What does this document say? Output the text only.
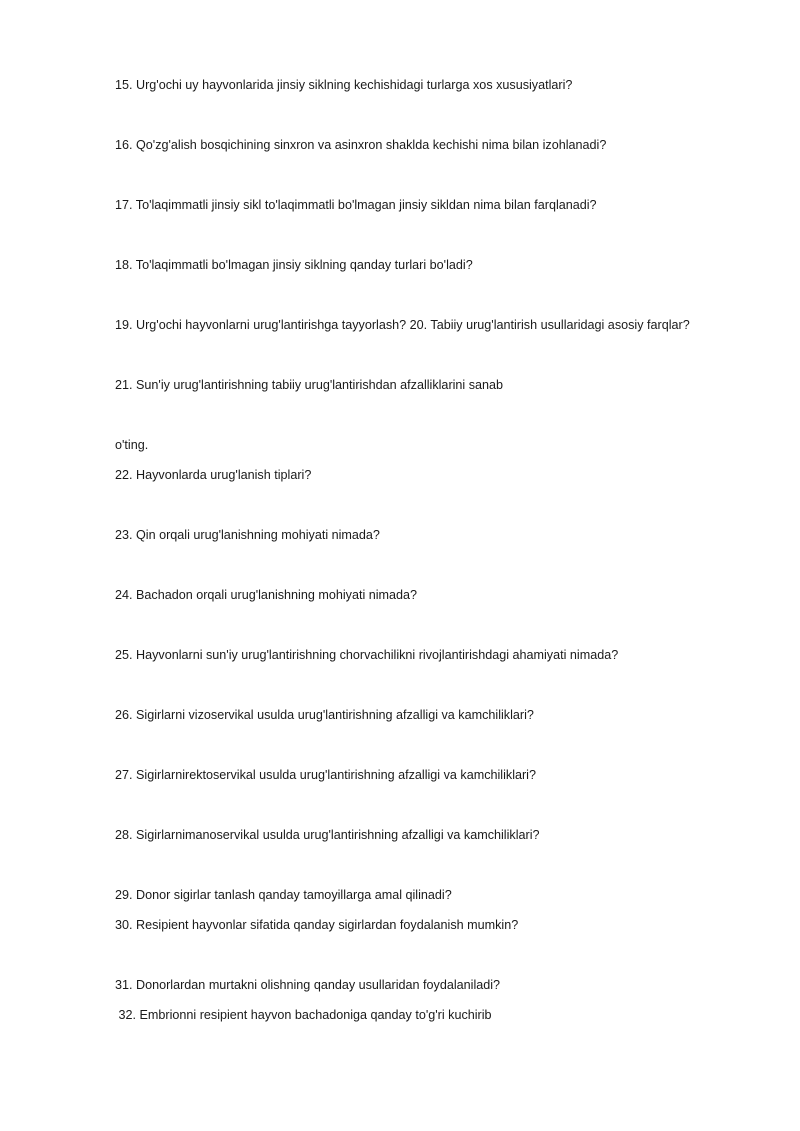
15. Urg'ochi uy hayvonlarida jinsiy siklning kechishidagi turlarga xos xususiyatlari?
16. Qo'zg'alish bosqichining sinxron va asinxron shaklda kechishi nima bilan izohlanadi?
17. To'laqimmatli jinsiy sikl to'laqimmatli bo'lmagan jinsiy sikldan nima bilan farqlanadi?
18. To'laqimmatli bo'lmagan jinsiy siklning qanday turlari bo'ladi?
19. Urg'ochi hayvonlarni urug'lantirishga tayyorlash? 20. Tabiiy urug'lantirish usullaridagi asosiy farqlar?
21. Sun'iy urug'lantirishning tabiiy urug'lantirishdan afzalliklarini sanab
o'ting.
22. Hayvonlarda urug'lanish tiplari?
23. Qin orqali urug'lanishning mohiyati nimada?
24. Bachadon orqali urug'lanishning mohiyati nimada?
25. Hayvonlarni sun'iy urug'lantirishning chorvachilikni rivojlantirishdagi ahamiyati nimada?
26. Sigirlarni vizoservikal usulda urug'lantirishning afzalligi va kamchiliklari?
27. Sigirlarnirektoservikal usulda urug'lantirishning afzalligi va kamchiliklari?
28. Sigirlarnimanoservikal usulda urug'lantirishning afzalligi va kamchiliklari?
29. Donor sigirlar tanlash qanday tamoyillarga amal qilinadi?
30. Resipient hayvonlar sifatida qanday sigirlardan foydalanish mumkin?
31. Donorlardan murtakni olishning qanday usullaridan foydalaniladi?
32. Embrionni resipient hayvon bachadoniga qanday to'g'ri kuchirib
